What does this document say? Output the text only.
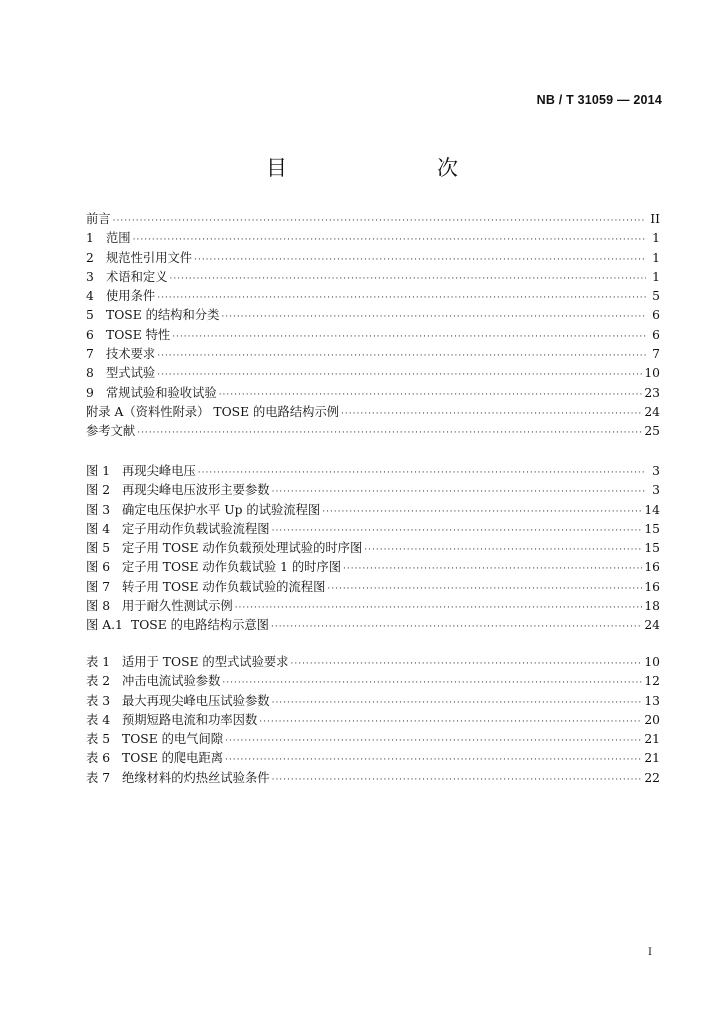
NB / T 31059 — 2014
目　　次
前言 ·····	II
1 范围 ·····	1
2 规范性引用文件 ·····	1
3 术语和定义 ·····	1
4 使用条件 ·····	5
5 TOSE 的结构和分类 ·····	6
6 TOSE 特性 ·····	6
7 技术要求 ·····	7
8 型式试验 ·····	10
9 常规试验和验收试验 ·····	23
附录 A（资料性附录） TOSE 的电路结构示例 ·····	24
参考文献 ·····	25
图 1 再现尖峰电压 ·····	3
图 2 再现尖峰电压波形主要参数 ·····	3
图 3 确定电压保护水平 Up 的试验流程图 ·····	14
图 4 定子用动作负载试验流程图 ·····	15
图 5 定子用 TOSE 动作负载预处理试验的时序图 ·····	15
图 6 定子用 TOSE 动作负载试验 1 的时序图 ·····	16
图 7 转子用 TOSE 动作负载试验的流程图 ·····	16
图 8 用于耐久性测试示例 ·····	18
图 A.1 TOSE 的电路结构示意图 ·····	24
表 1 适用于 TOSE 的型式试验要求 ·····	10
表 2 冲击电流试验参数 ·····	12
表 3 最大再现尖峰电压试验参数 ·····	13
表 4 预期短路电流和功率因数 ·····	20
表 5 TOSE 的电气间隙 ·····	21
表 6 TOSE 的爬电距离 ·····	21
表 7 绝缘材料的灼热丝试验条件 ·····	22
I
